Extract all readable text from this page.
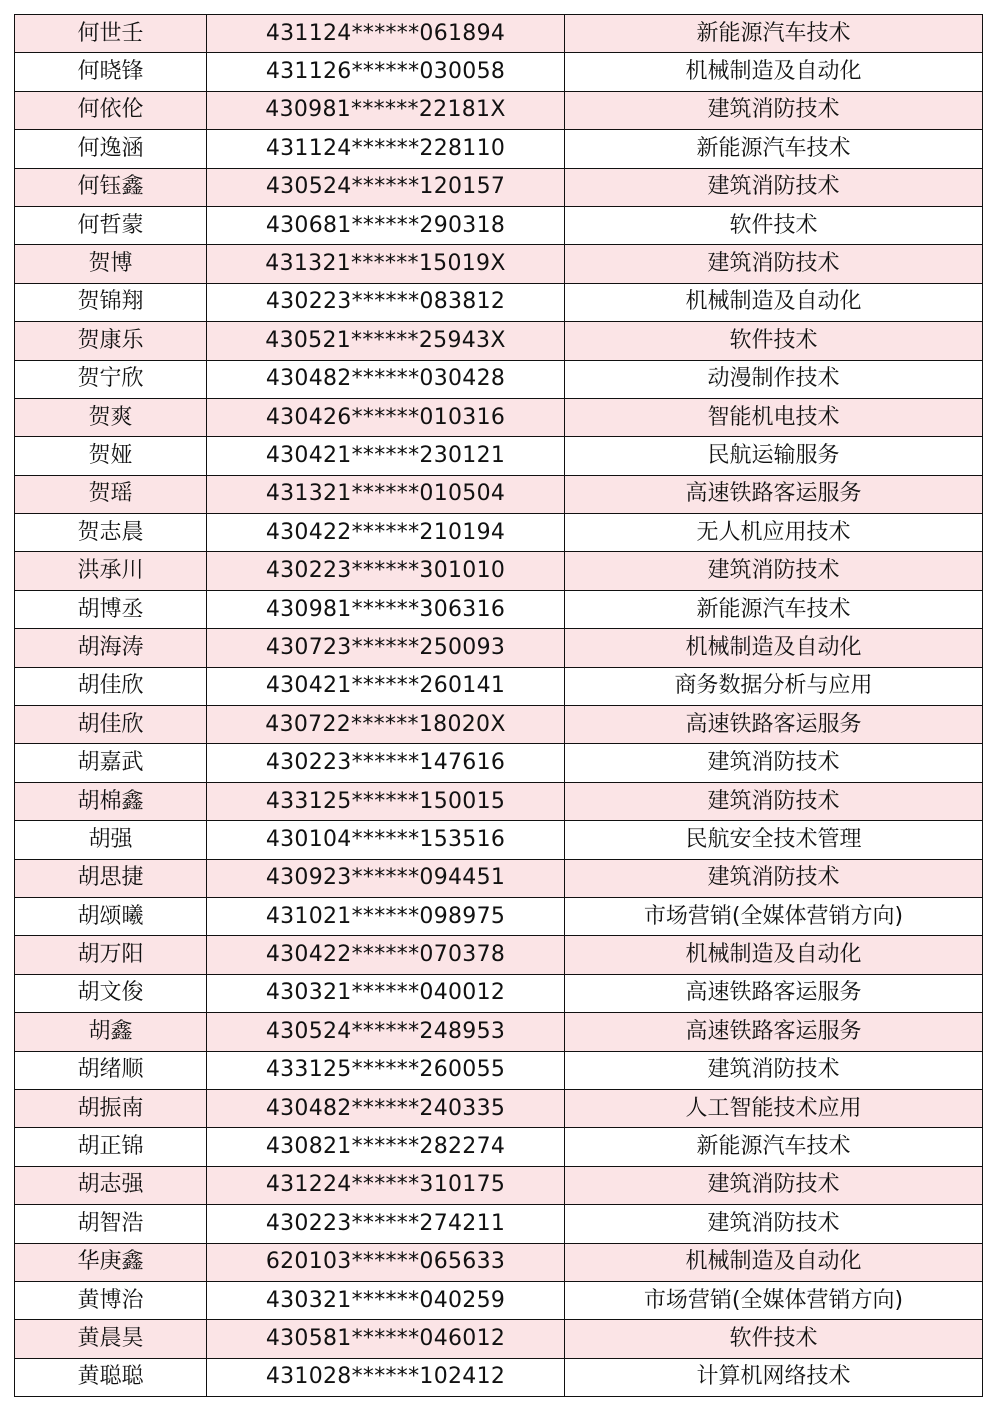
何世壬	431124******061894	新能源汽车技术
何晓锋	431126******030058	机械制造及自动化
何依伦	430981******22181X	建筑消防技术
何逸涵	431124******228110	新能源汽车技术
何钰鑫	430524******120157	建筑消防技术
何哲蒙	430681******290318	软件技术
贺博	431321******15019X	建筑消防技术
贺锦翔	430223******083812	机械制造及自动化
贺康乐	430521******25943X	软件技术
贺宁欣	430482******030428	动漫制作技术
贺爽	430426******010316	智能机电技术
贺娅	430421******230121	民航运输服务
贺瑶	431321******010504	高速铁路客运服务
贺志晨	430422******210194	无人机应用技术
洪承川	430223******301010	建筑消防技术
胡博丞	430981******306316	新能源汽车技术
胡海涛	430723******250093	机械制造及自动化
胡佳欣	430421******260141	商务数据分析与应用
胡佳欣	430722******18020X	高速铁路客运服务
胡嘉武	430223******147616	建筑消防技术
胡棉鑫	433125******150015	建筑消防技术
胡强	430104******153516	民航安全技术管理
胡思捷	430923******094451	建筑消防技术
胡颂曦	431021******098975	市场营销(全媒体营销方向)
胡万阳	430422******070378	机械制造及自动化
胡文俊	430321******040012	高速铁路客运服务
胡鑫	430524******248953	高速铁路客运服务
胡绪顺	433125******260055	建筑消防技术
胡振南	430482******240335	人工智能技术应用
胡正锦	430821******282274	新能源汽车技术
胡志强	431224******310175	建筑消防技术
胡智浩	430223******274211	建筑消防技术
华庚鑫	620103******065633	机械制造及自动化
黄博治	430321******040259	市场营销(全媒体营销方向)
黄晨昊	430581******046012	软件技术
黄聪聪	431028******102412	计算机网络技术
